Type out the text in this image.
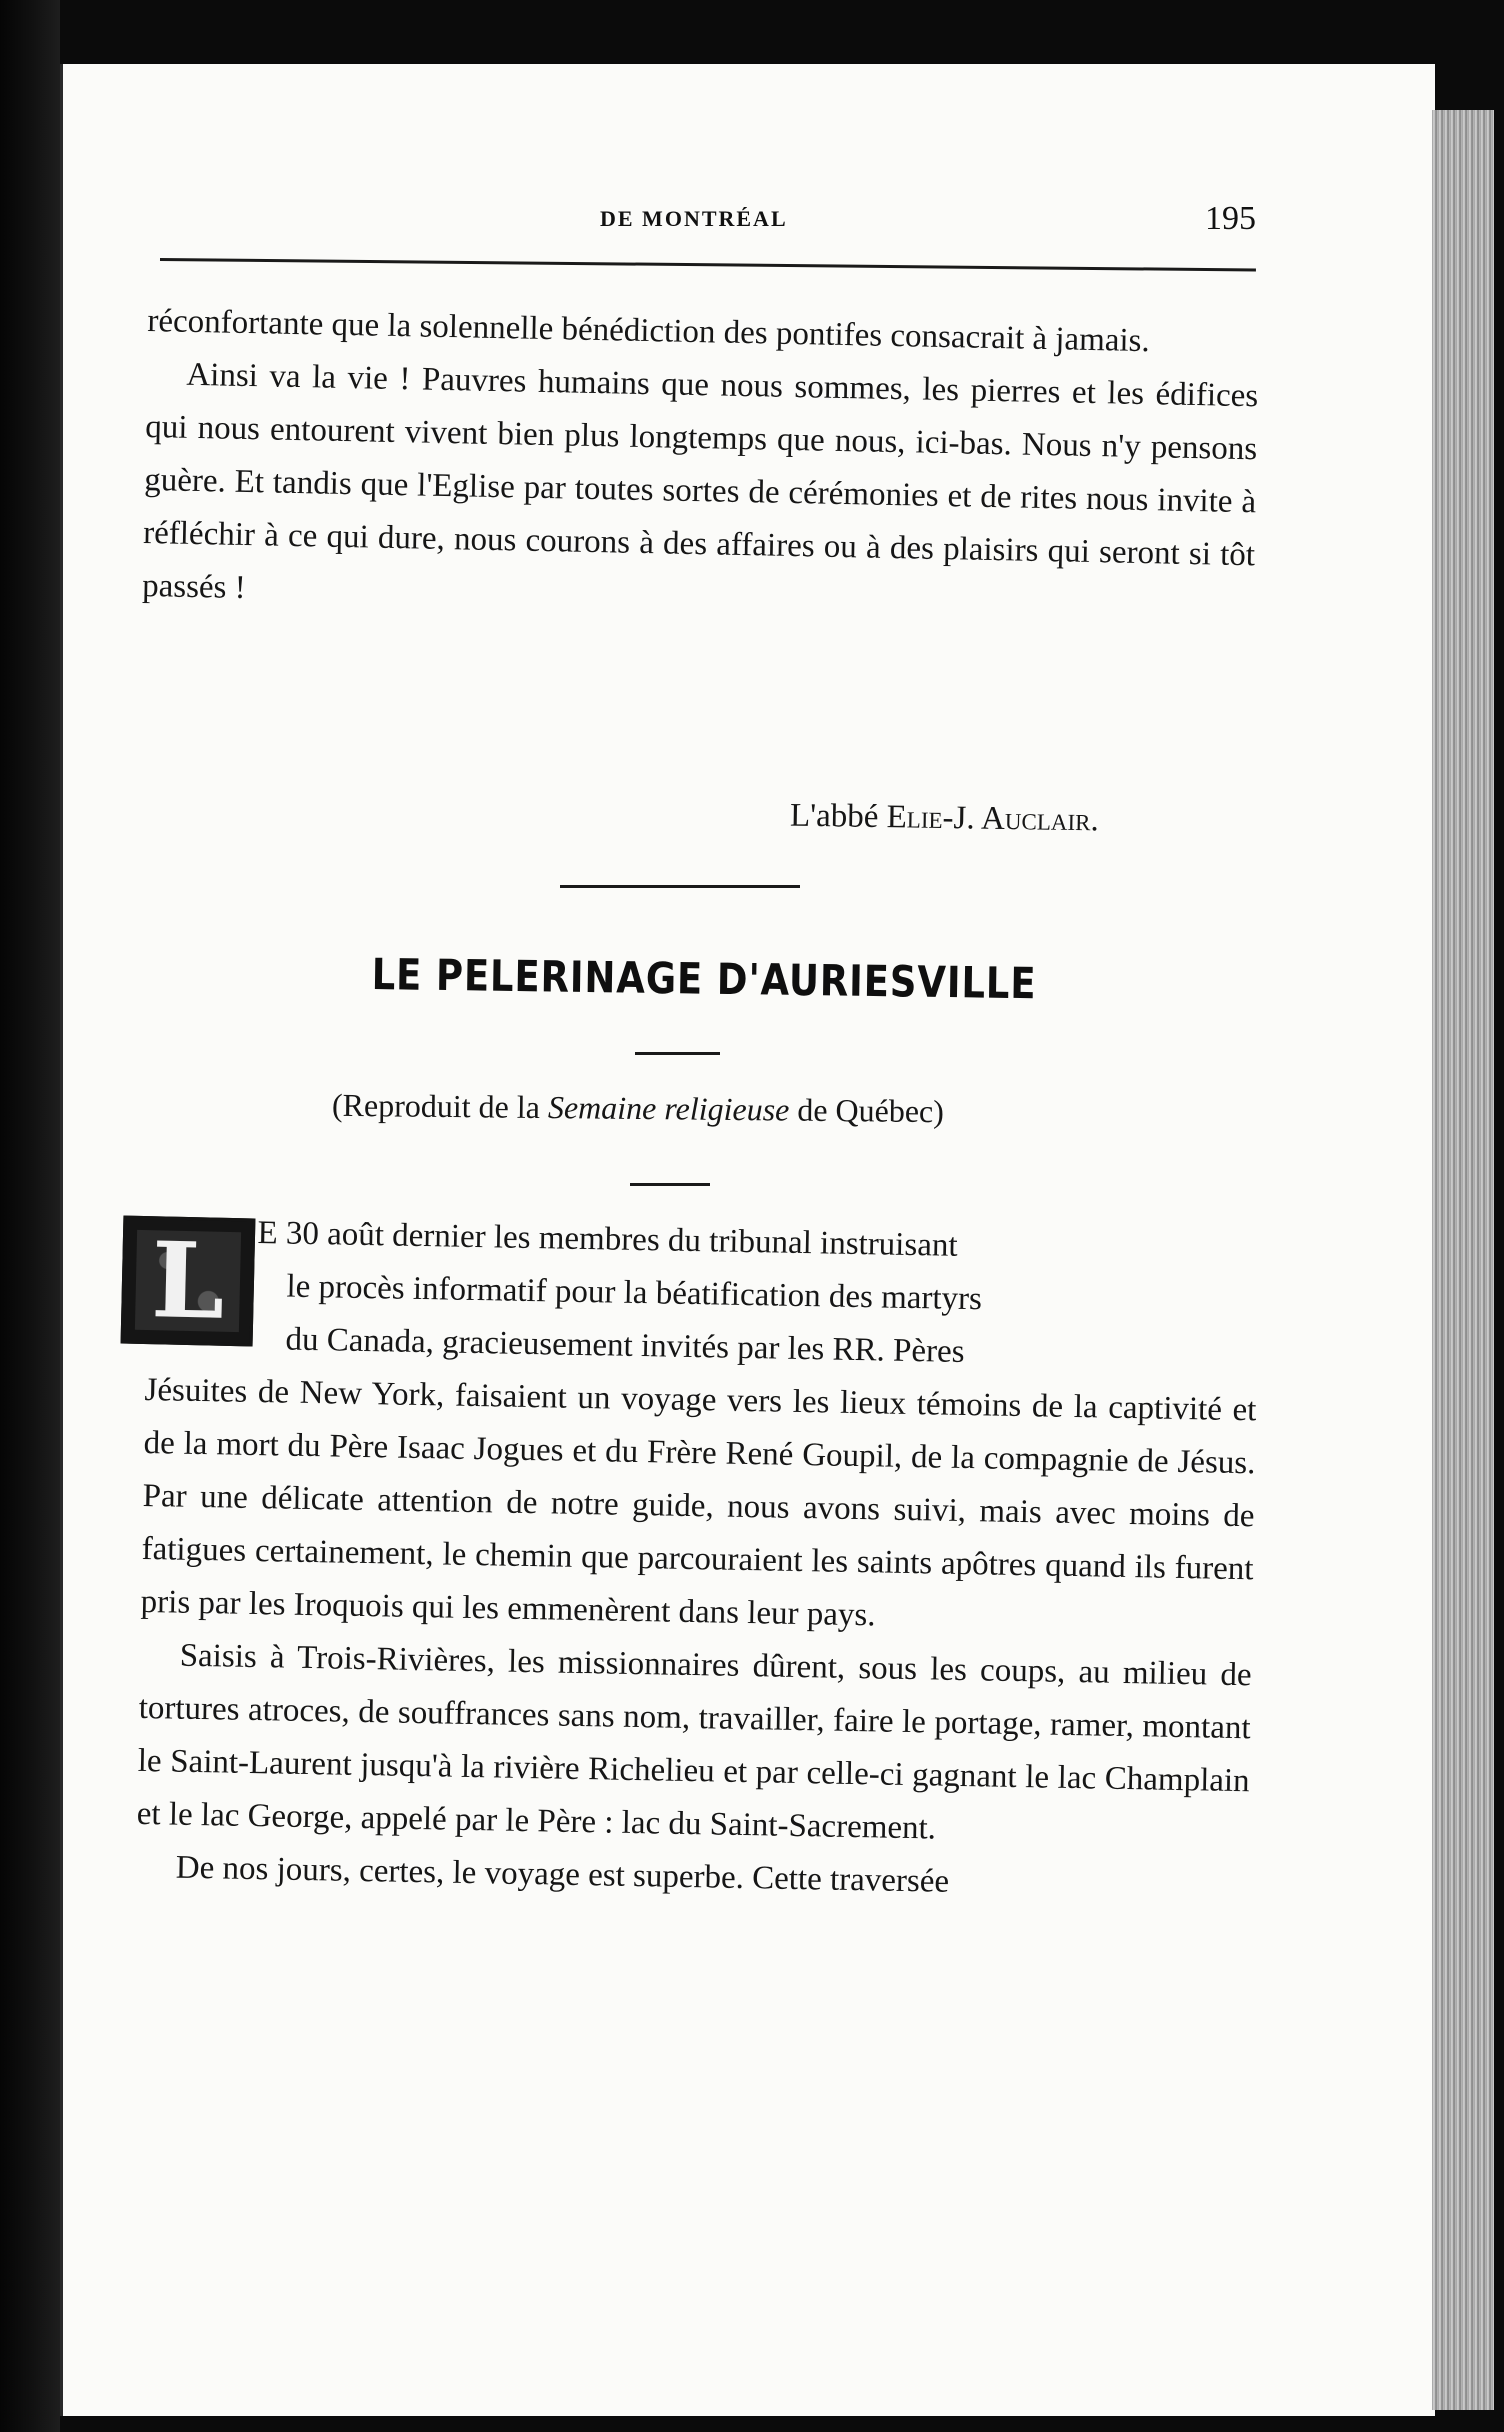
DE MONTRÉAL	195

réconfortante que la solennelle bénédiction des pontifes consacrait à jamais.

Ainsi va la vie ! Pauvres humains que nous sommes, les pierres et les édifices qui nous entourent vivent bien plus longtemps que nous, ici-bas. Nous n'y pensons guère. Et tandis que l'Eglise par toutes sortes de cérémonies et de rites nous invite à réfléchir à ce qui dure, nous courons à des affaires ou à des plaisirs qui seront si tôt passés !

L'abbé Elie-J. Auclair.
LE PELERINAGE D'AURIESVILLE
(Reproduit de la Semaine religieuse de Québec)
L E 30 août dernier les membres du tribunal instruisant
le procès informatif pour la béatification des martyrs
du Canada, gracieusement invités par les RR. Pères

Jésuites de New York, faisaient un voyage vers les lieux témoins de la captivité et de la mort du Père Isaac Jogues et du Frère René Goupil, de la compagnie de Jésus. Par une délicate attention de notre guide, nous avons suivi, mais avec moins de fatigues certainement, le chemin que parcouraient les saints apôtres quand ils furent pris par les Iroquois qui les emmenèrent dans leur pays.

Saisis à Trois-Rivières, les missionnaires dûrent, sous les coups, au milieu de tortures atroces, de souffrances sans nom, travailler, faire le portage, ramer, montant le Saint-Laurent jusqu'à la rivière Richelieu et par celle-ci gagnant le lac Champlain et le lac George, appelé par le Père : lac du Saint-Sacrement.

De nos jours, certes, le voyage est superbe. Cette traversée
